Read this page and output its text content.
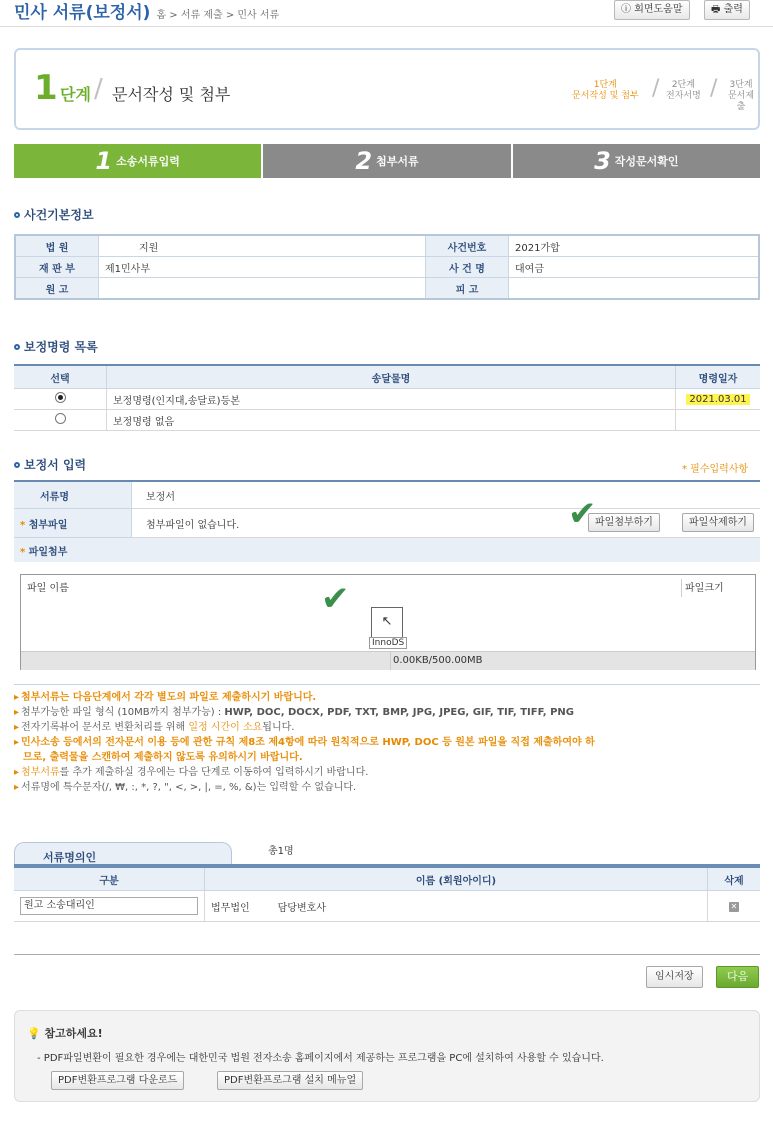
민사 서류(보정서) 홈 > 서류 제출 > 민사 서류
ⓘ 회면도움말	🖶 출력
1 단계 / 문서작성 및 첨부	1단계
문서작성 및 첨부 /	2단계
전자서명 /	3단계
문서제출
1 소송서류입력	2 첨부서류	3 작성문서확인
사건기본정보
법 원	지원	사건번호	2021가합
재 판 부	제1민사부	사 건 명	대여금
원 고		피 고	
보정명령 목록
선택	송달물명	명령일자
	보정명령(인지대,송달료)등본	2021.03.01
	보정명령 없음	
보정서 입력	* 필수입력사항
서류명	보정서
* 첨부파일	첨부파일이 없습니다. 파일첨부하기 파일삭제하기

* 파일첨부	
✔
파일 이름	파일크기
✔
↖
InnoDS
0.00KB/500.00MB
▸ 첨부서류는 다음단계에서 각각 별도의 파일로 제출하시기 바랍니다.
▸ 첨부가능한 파일 형식 (10MB까지 첨부가능) : HWP, DOC, DOCX, PDF, TXT, BMP, JPG, JPEG, GIF, TIF, TIFF, PNG
▸ 전자기록뷰어 문서로 변환처리를 위해 일정 시간이 소요됩니다.
▸ 민사소송 등에서의 전자문서 이용 등에 관한 규칙 제8조 제4항에 따라 원칙적으로 HWP, DOC 등 원본 파일을 직접 제출하여야 하
므로, 출력물을 스캔하여 제출하지 않도록 유의하시기 바랍니다.
▸ 첨부서류를 추가 제출하실 경우에는 다음 단계로 이동하여 입력하시기 바랍니다.
▸ 서류명에 특수문자(/, ₩, :, *, ?, ", <, >, |, =, %, &)는 입력할 수 없습니다.
서류명의인	총1명
구분	이름 (회원아이디)	삭제

원고 소송대리인	법무법인 담당변호사	✕
임시저장	다음
💡 참고하세요!
- PDF파일변환이 필요한 경우에는 대한민국 법원 전자소송 홈페이지에서 제공하는 프로그램을 PC에 설치하여 사용할 수 있습니다.
PDF변환프로그램 다운로드	PDF변환프로그램 설치 메뉴얼
